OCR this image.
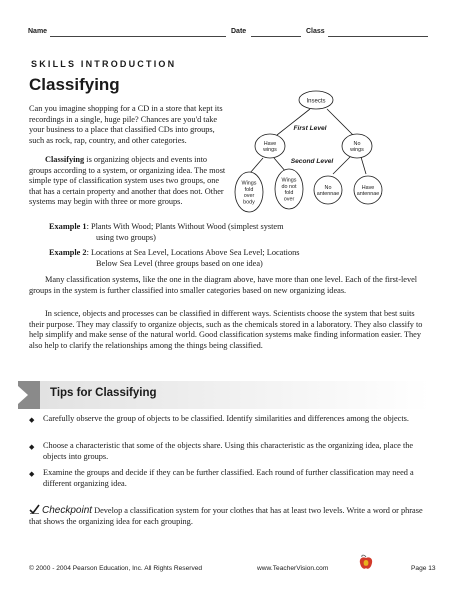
Name	Date	Class
SKILLS INTRODUCTION
Classifying

Can you imagine shopping for a CD in a store that kept its recordings in a single, huge pile? Chances are you'd take your business to a place that classified CDs into groups, such as rock, rap, country, and other categories.

Classifying is organizing objects and events into groups according to a system, or organizing idea. The most simple type of classification system uses two groups, one that has a certain property and another that does not. Other systems may begin with three or more groups.

Example 1: Plants With Wood; Plants Without Wood (simplest system
using two groups)
Example 2: Locations at Sea Level, Locations Above Sea Level; Locations
Below Sea Level (three groups based on one idea)

Many classification systems, like the one in the diagram above, have more than one level. Each of the first-level groups in the system is further classified into smaller categories based on new organizing ideas.

In science, objects and processes can be classified in different ways. Scientists choose the system that best suits their purpose. They may classify to organize objects, such as the chemicals stored in a laboratory. They also classify to help simplify and make sense of the natural world. Good classification systems make finding information easier. They also help to clarify the relationships among the things being classified.

Insects
First Level
Second Level
Have wings
No wings
Wings fold over body
Wings do not fold over
No antennae
Have antennae
Tips for Classifying
◆ Carefully observe the group of objects to be classified. Identify similarities and differences among the objects.

◆ Choose a characteristic that some of the objects share. Using this characteristic as the organizing idea, place the objects into groups.

◆ Examine the groups and decide if they can be further classified. Each round of further classification may need a different organizing idea.

Checkpoint Develop a classification system for your clothes that has at least two levels. Write a word or phrase that shows the organizing idea for each grouping.

© 2000 - 2004 Pearson Education, Inc. All Rights Reserved	www.TeacherVision.com	Page 13
